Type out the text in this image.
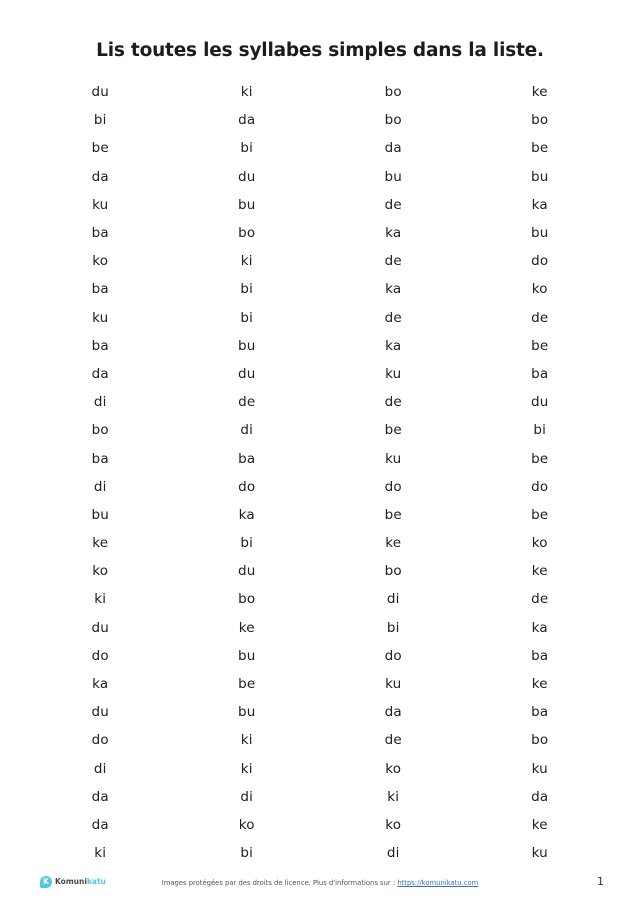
Lis toutes les syllabes simples dans la liste.
du	ki	bo	ke
bi	da	bo	bo
be	bi	da	be
da	du	bu	bu
ku	bu	de	ka
ba	bo	ka	bu
ko	ki	de	do
ba	bi	ka	ko
ku	bi	de	de
ba	bu	ka	be
da	du	ku	ba
di	de	de	du
bo	di	be	bi
ba	ba	ku	be
di	do	do	do
bu	ka	be	be
ke	bi	ke	ko
ko	du	bo	ke
ki	bo	di	de
du	ke	bi	ka
do	bu	do	ba
ka	be	ku	ke
du	bu	da	ba
do	ki	de	bo
di	ki	ko	ku
da	di	ki	da
da	ko	ko	ke
ki	bi	di	ku
K Komunikatu	Images protégées par des droits de licence. Plus d'informations sur : https://komunikatu.com	1
